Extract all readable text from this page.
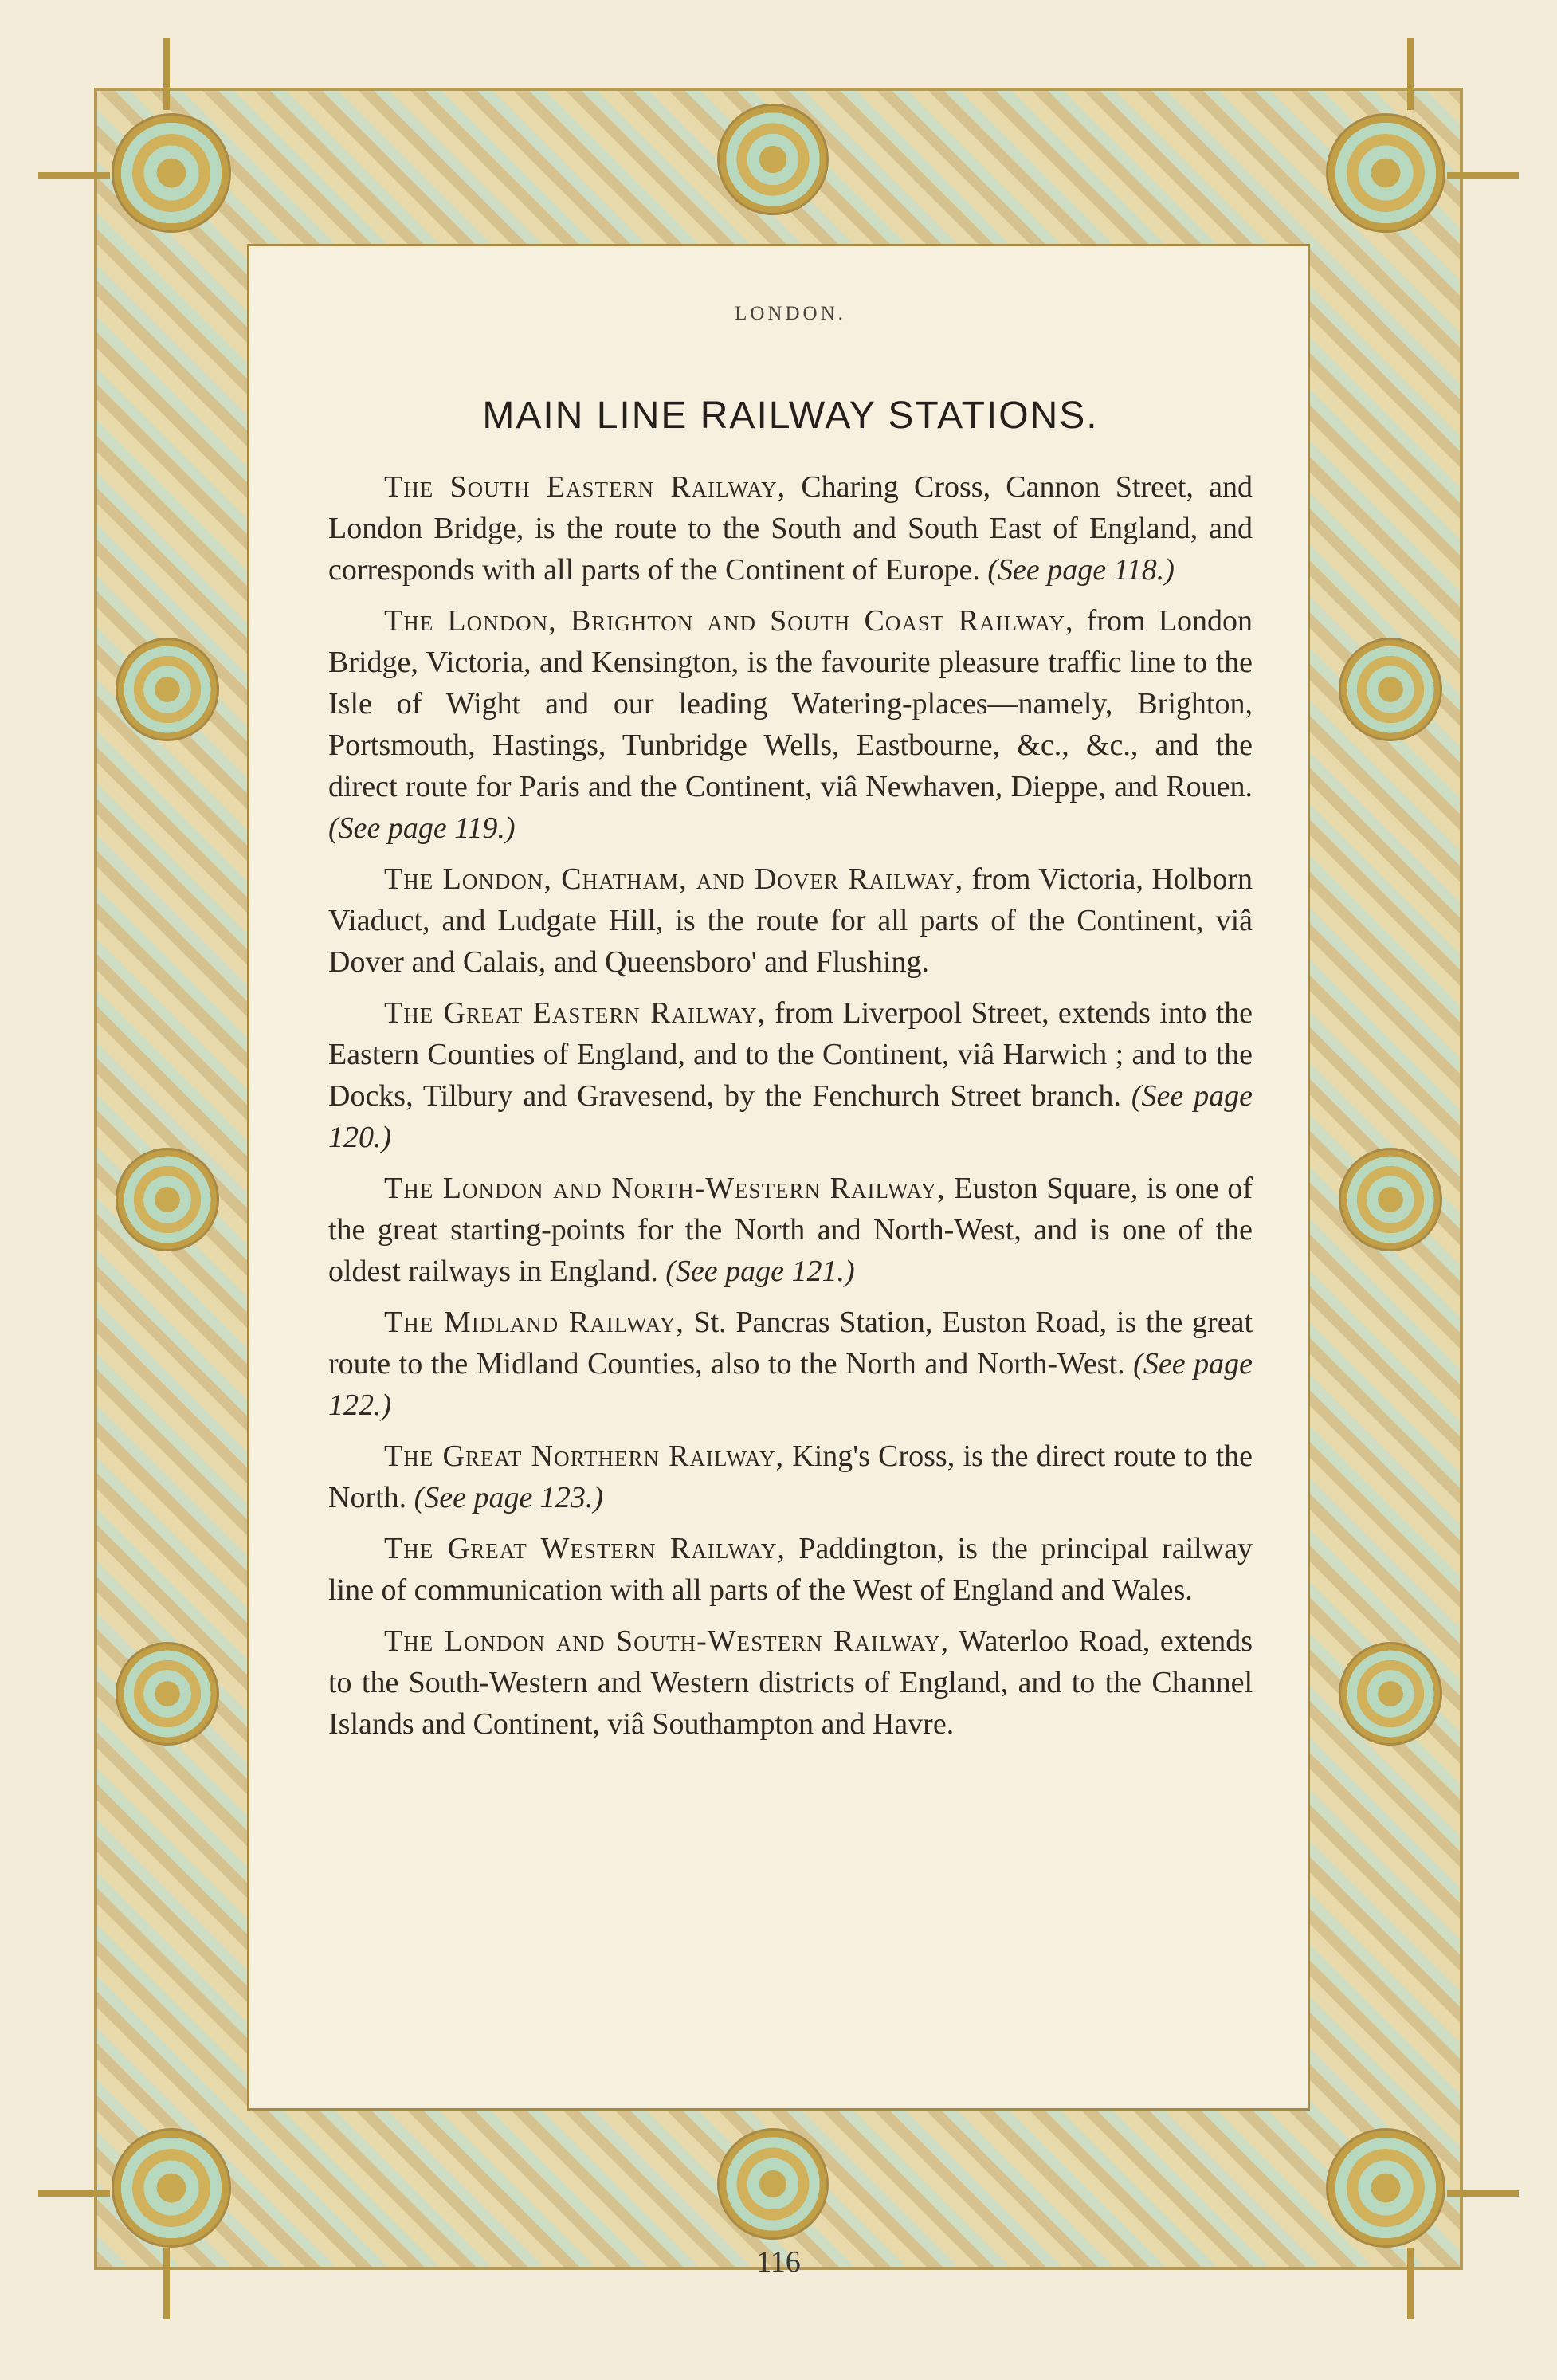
LONDON.
MAIN LINE RAILWAY STATIONS.

The South Eastern Railway, Charing Cross, Cannon Street, and London Bridge, is the route to the South and South East of England, and corresponds with all parts of the Continent of Europe. (See page 118.)

The London, Brighton and South Coast Railway, from London Bridge, Victoria, and Kensington, is the favourite pleasure traffic line to the Isle of Wight and our leading Watering-places—namely, Brighton, Portsmouth, Hastings, Tunbridge Wells, Eastbourne, &c., &c., and the direct route for Paris and the Continent, viâ Newhaven, Dieppe, and Rouen. (See page 119.)

The London, Chatham, and Dover Railway, from Victoria, Holborn Viaduct, and Ludgate Hill, is the route for all parts of the Continent, viâ Dover and Calais, and Queensboro' and Flushing.

The Great Eastern Railway, from Liverpool Street, extends into the Eastern Counties of England, and to the Continent, viâ Harwich ; and to the Docks, Tilbury and Gravesend, by the Fenchurch Street branch. (See page 120.)

The London and North-Western Railway, Euston Square, is one of the great starting-points for the North and North-West, and is one of the oldest railways in England. (See page 121.)

The Midland Railway, St. Pancras Station, Euston Road, is the great route to the Midland Counties, also to the North and North-West. (See page 122.)

The Great Northern Railway, King's Cross, is the direct route to the North. (See page 123.)

The Great Western Railway, Paddington, is the principal railway line of communication with all parts of the West of England and Wales.

The London and South-Western Railway, Waterloo Road, extends to the South-Western and Western districts of England, and to the Channel Islands and Continent, viâ Southampton and Havre.

116
